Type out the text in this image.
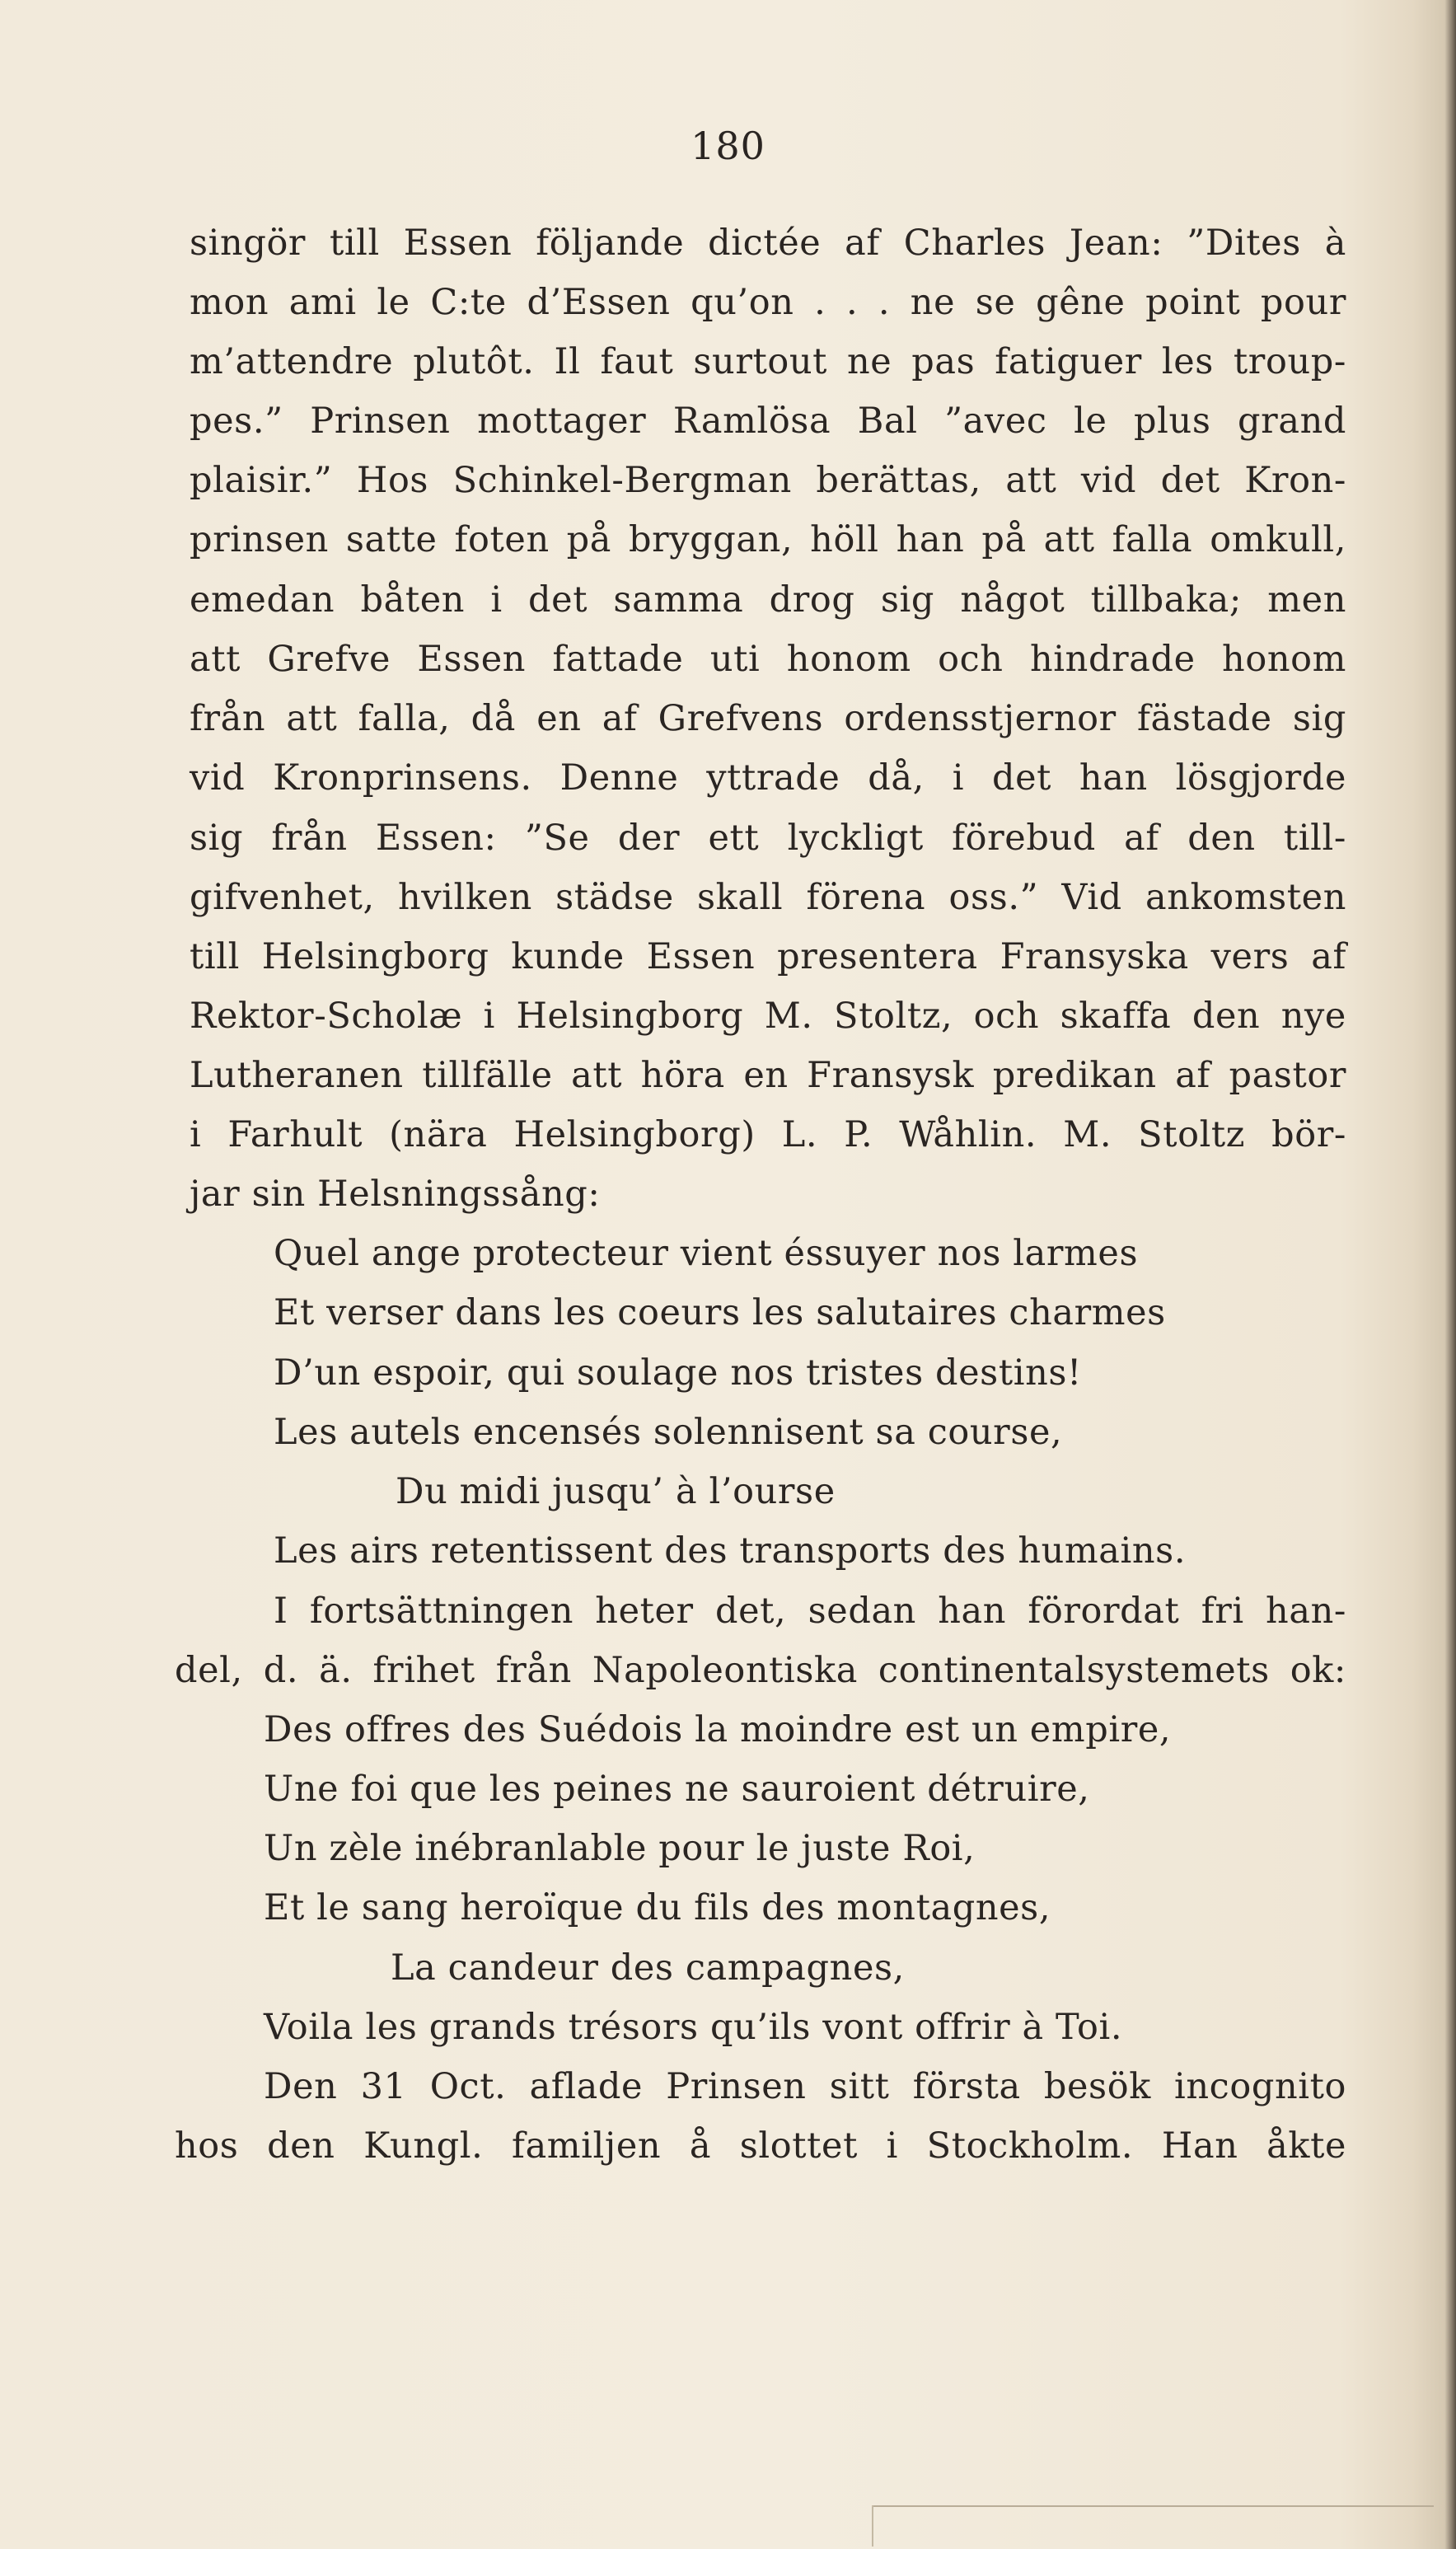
180
singör till Essen följande dictée af Charles Jean: ”Dites à
mon ami le C:te d’Essen qu’on . . . ne se gêne point pour
m’attendre plutôt. Il faut surtout ne pas fatiguer les troup-
pes.” Prinsen mottager Ramlösa Bal ”avec le plus grand
plaisir.” Hos Schinkel-Bergman berättas, att vid det Kron-
prinsen satte foten på bryggan, höll han på att falla omkull,
emedan båten i det samma drog sig något tillbaka; men
att Grefve Essen fattade uti honom och hindrade honom
från att falla, då en af Grefvens ordensstjernor fästade sig
vid Kronprinsens. Denne yttrade då, i det han lösgjorde
sig från Essen: ”Se der ett lyckligt förebud af den till-
gifvenhet, hvilken städse skall förena oss.” Vid ankomsten
till Helsingborg kunde Essen presentera Fransyska vers af
Rektor-Scholæ i Helsingborg M. Stoltz, och skaffa den nye
Lutheranen tillfälle att höra en Fransysk predikan af pastor
i Farhult (nära Helsingborg) L. P. Wåhlin. M. Stoltz bör-
jar sin Helsningssång:
Quel ange protecteur vient éssuyer nos larmes
Et verser dans les coeurs les salutaires charmes
D’un espoir, qui soulage nos tristes destins!
Les autels encensés solennisent sa course,
Du midi jusqu’ à l’ourse
Les airs retentissent des transports des humains.
I fortsättningen heter det, sedan han förordat fri han-
del, d. ä. frihet från Napoleontiska continentalsystemets ok:
Des offres des Suédois la moindre est un empire,
Une foi que les peines ne sauroient détruire,
Un zèle inébranlable pour le juste Roi,
Et le sang heroïque du fils des montagnes,
La candeur des campagnes,
Voila les grands trésors qu’ils vont offrir à Toi.
Den 31 Oct. aflade Prinsen sitt första besök incognito
hos den Kungl. familjen å slottet i Stockholm. Han åkte
